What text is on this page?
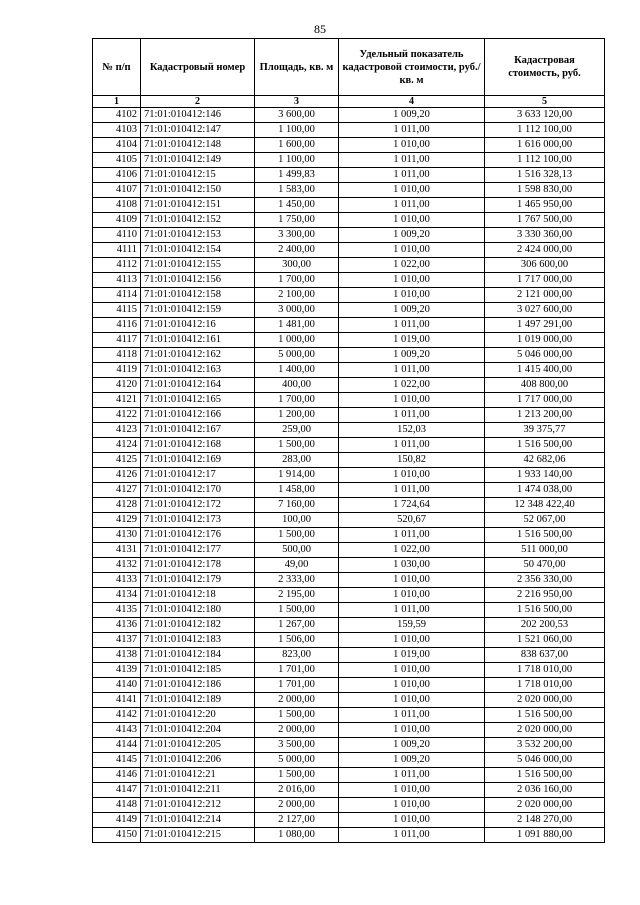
85
№ п/п	Кадастровый номер	Площадь, кв. м	Удельный показатель кадастровой стоимости, руб./кв. м	Кадастровая стоимость, руб.
1	2	3	4	5
4102	71:01:010412:146	3 600,00	1 009,20	3 633 120,00
4103	71:01:010412:147	1 100,00	1 011,00	1 112 100,00
4104	71:01:010412:148	1 600,00	1 010,00	1 616 000,00
4105	71:01:010412:149	1 100,00	1 011,00	1 112 100,00
4106	71:01:010412:15	1 499,83	1 011,00	1 516 328,13
4107	71:01:010412:150	1 583,00	1 010,00	1 598 830,00
4108	71:01:010412:151	1 450,00	1 011,00	1 465 950,00
4109	71:01:010412:152	1 750,00	1 010,00	1 767 500,00
4110	71:01:010412:153	3 300,00	1 009,20	3 330 360,00
4111	71:01:010412:154	2 400,00	1 010,00	2 424 000,00
4112	71:01:010412:155	300,00	1 022,00	306 600,00
4113	71:01:010412:156	1 700,00	1 010,00	1 717 000,00
4114	71:01:010412:158	2 100,00	1 010,00	2 121 000,00
4115	71:01:010412:159	3 000,00	1 009,20	3 027 600,00
4116	71:01:010412:16	1 481,00	1 011,00	1 497 291,00
4117	71:01:010412:161	1 000,00	1 019,00	1 019 000,00
4118	71:01:010412:162	5 000,00	1 009,20	5 046 000,00
4119	71:01:010412:163	1 400,00	1 011,00	1 415 400,00
4120	71:01:010412:164	400,00	1 022,00	408 800,00
4121	71:01:010412:165	1 700,00	1 010,00	1 717 000,00
4122	71:01:010412:166	1 200,00	1 011,00	1 213 200,00
4123	71:01:010412:167	259,00	152,03	39 375,77
4124	71:01:010412:168	1 500,00	1 011,00	1 516 500,00
4125	71:01:010412:169	283,00	150,82	42 682,06
4126	71:01:010412:17	1 914,00	1 010,00	1 933 140,00
4127	71:01:010412:170	1 458,00	1 011,00	1 474 038,00
4128	71:01:010412:172	7 160,00	1 724,64	12 348 422,40
4129	71:01:010412:173	100,00	520,67	52 067,00
4130	71:01:010412:176	1 500,00	1 011,00	1 516 500,00
4131	71:01:010412:177	500,00	1 022,00	511 000,00
4132	71:01:010412:178	49,00	1 030,00	50 470,00
4133	71:01:010412:179	2 333,00	1 010,00	2 356 330,00
4134	71:01:010412:18	2 195,00	1 010,00	2 216 950,00
4135	71:01:010412:180	1 500,00	1 011,00	1 516 500,00
4136	71:01:010412:182	1 267,00	159,59	202 200,53
4137	71:01:010412:183	1 506,00	1 010,00	1 521 060,00
4138	71:01:010412:184	823,00	1 019,00	838 637,00
4139	71:01:010412:185	1 701,00	1 010,00	1 718 010,00
4140	71:01:010412:186	1 701,00	1 010,00	1 718 010,00
4141	71:01:010412:189	2 000,00	1 010,00	2 020 000,00
4142	71:01:010412:20	1 500,00	1 011,00	1 516 500,00
4143	71:01:010412:204	2 000,00	1 010,00	2 020 000,00
4144	71:01:010412:205	3 500,00	1 009,20	3 532 200,00
4145	71:01:010412:206	5 000,00	1 009,20	5 046 000,00
4146	71:01:010412:21	1 500,00	1 011,00	1 516 500,00
4147	71:01:010412:211	2 016,00	1 010,00	2 036 160,00
4148	71:01:010412:212	2 000,00	1 010,00	2 020 000,00
4149	71:01:010412:214	2 127,00	1 010,00	2 148 270,00
4150	71:01:010412:215	1 080,00	1 011,00	1 091 880,00
